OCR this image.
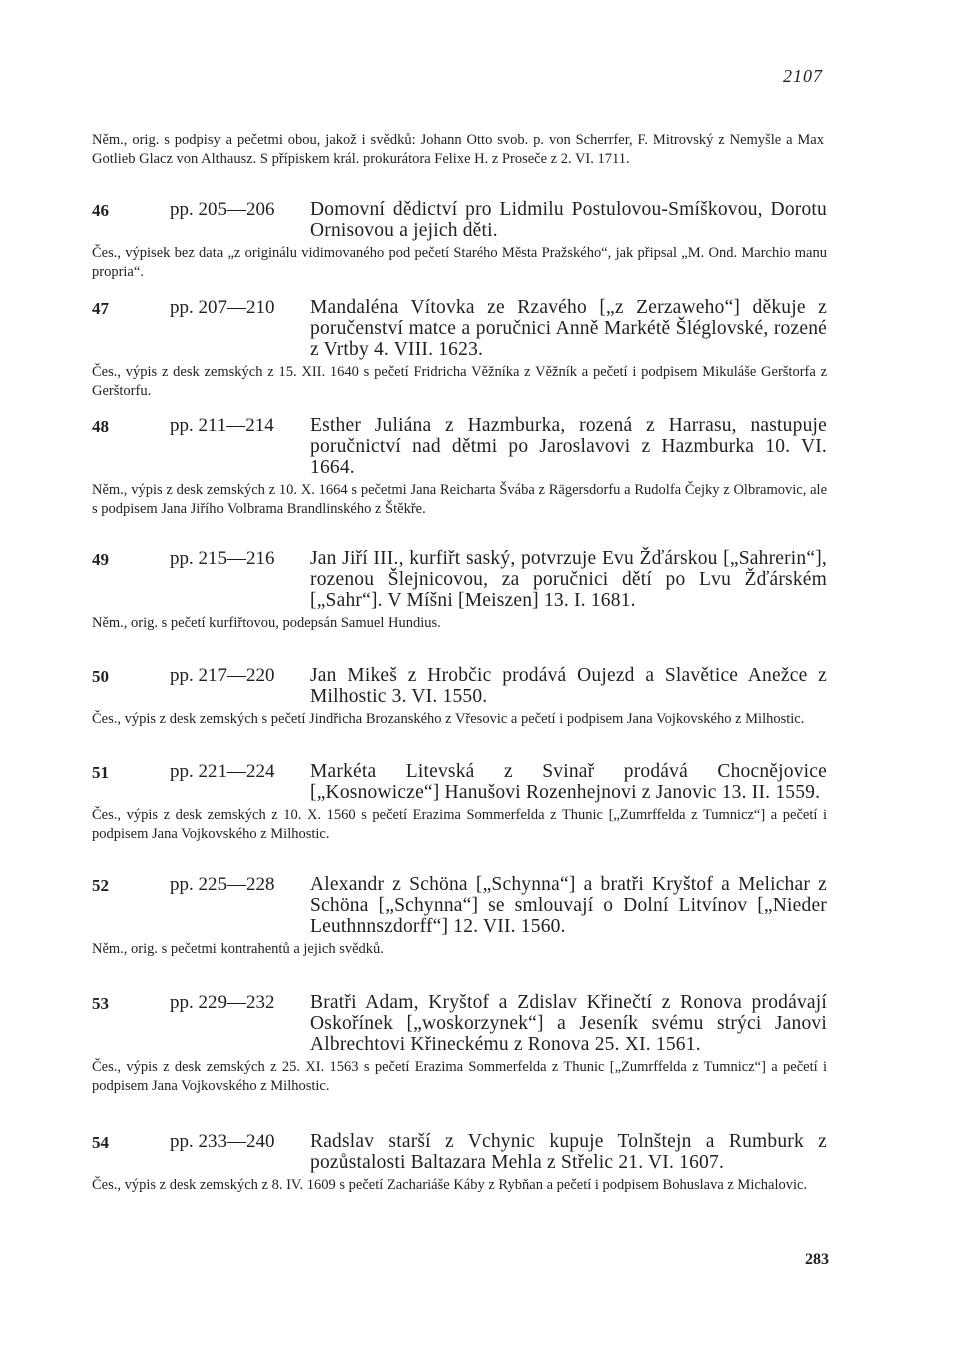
2107
Něm., orig. s podpisy a pečetmi obou, jakož i svědků: Johann Otto svob. p. von Scherrfer, F. Mitrovský z Nemyšle a Max Gotlieb Glacz von Althausz. S přípiskem král. prokurátora Felixe H. z Proseče z 2. VI. 1711.
46	pp. 205—206	Domovní dědictví pro Lidmilu Postulovou-Smíškovou, Dorotu Ornisovou a jejich děti.
Čes., výpisek bez data „z originálu vidimovaného pod pečetí Starého Města Pražského“, jak připsal „M. Ond. Marchio manu propria“.
47	pp. 207—210	Mandaléna Vítovka ze Rzavého [„z Zerzaweho“] děkuje z poručenství matce a poručnici Anně Markétě Šléglovské, rozené z Vrtby 4. VIII. 1623.
Čes., výpis z desk zemských z 15. XII. 1640 s pečetí Fridricha Věžníka z Věžník a pečetí i podpisem Mikuláše Gerštorfa z Gerštorfu.
48	pp. 211—214	Esther Juliána z Hazmburka, rozená z Harrasu, nastupuje poručnictví nad dětmi po Jaroslavovi z Hazmburka 10. VI. 1664.
Něm., výpis z desk zemských z 10. X. 1664 s pečetmi Jana Reicharta Švába z Rägersdorfu a Rudolfa Čejky z Olbramovic, ale s podpisem Jana Jiřího Volbrama Brandlinského z Štěkře.
49	pp. 215—216	Jan Jiří III., kurfiřt saský, potvrzuje Evu Žďárskou [„Sahrerin“], rozenou Šlejnicovou, za poručnici dětí po Lvu Žďárském [„Sahr“]. V Míšni [Meiszen] 13. I. 1681.
Něm., orig. s pečetí kurfiřtovou, podepsán Samuel Hundius.
50	pp. 217—220	Jan Mikeš z Hrobčic prodává Oujezd a Slavětice Anežce z Milhostic 3. VI. 1550.
Čes., výpis z desk zemských s pečetí Jindřicha Brozanského z Vřesovic a pečetí i podpisem Jana Vojkovského z Milhostic.
51	pp. 221—224	Markéta Litevská z Svinař prodává Chocnějovice [„Kosnowicze“] Hanušovi Rozenhejnovi z Janovic 13. II. 1559.
Čes., výpis z desk zemských z 10. X. 1560 s pečetí Erazima Sommerfelda z Thunic [„Zumrffelda z Tumnicz“] a pečetí i podpisem Jana Vojkovského z Milhostic.
52	pp. 225—228	Alexandr z Schöna [„Schynna“] a bratři Kryštof a Melichar z Schöna [„Schynna“] se smlouvají o Dolní Litvínov [„Nieder Leuthnnszdorff“] 12. VII. 1560.
Něm., orig. s pečetmi kontrahentů a jejich svědků.
53	pp. 229—232	Bratři Adam, Kryštof a Zdislav Křinečtí z Ronova prodávají Oskořínek [„woskorzynek“] a Jeseník svému strýci Janovi Albrechtovi Křineckému z Ronova 25. XI. 1561.
Čes., výpis z desk zemských z 25. XI. 1563 s pečetí Erazima Sommerfelda z Thunic [„Zumrffelda z Tumnicz“] a pečetí i podpisem Jana Vojkovského z Milhostic.
54	pp. 233—240	Radslav starší z Vchynic kupuje Tolnštejn a Rumburk z pozůstalosti Baltazara Mehla z Střelic 21. VI. 1607.
Čes., výpis z desk zemských z 8. IV. 1609 s pečetí Zachariáše Káby z Rybňan a pečetí i podpisem Bohuslava z Michalovic.
283
